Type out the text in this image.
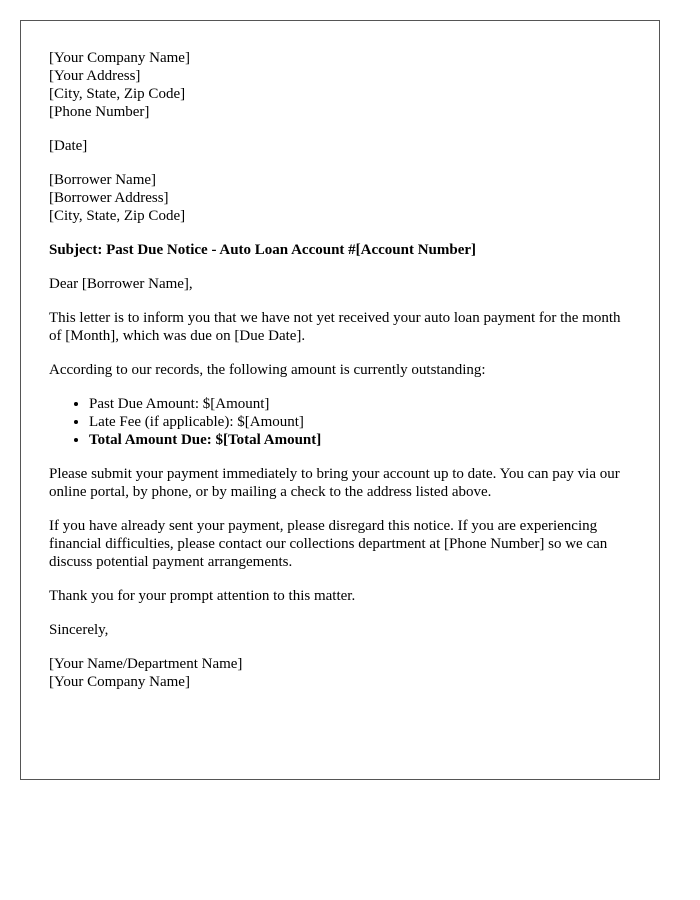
[Your Company Name]
[Your Address]
[City, State, Zip Code]
[Phone Number]
[Date]
[Borrower Name]
[Borrower Address]
[City, State, Zip Code]

Subject: Past Due Notice - Auto Loan Account #[Account Number]

Dear [Borrower Name],

This letter is to inform you that we have not yet received your auto loan payment for the month of [Month], which was due on [Due Date].

According to our records, the following amount is currently outstanding:

• Past Due Amount: $[Amount]
• Late Fee (if applicable): $[Amount]
• Total Amount Due: $[Total Amount]

Please submit your payment immediately to bring your account up to date. You can pay via our online portal, by phone, or by mailing a check to the address listed above.

If you have already sent your payment, please disregard this notice. If you are experiencing financial difficulties, please contact our collections department at [Phone Number] so we can discuss potential payment arrangements.

Thank you for your prompt attention to this matter.

Sincerely,

[Your Name/Department Name]
[Your Company Name]
